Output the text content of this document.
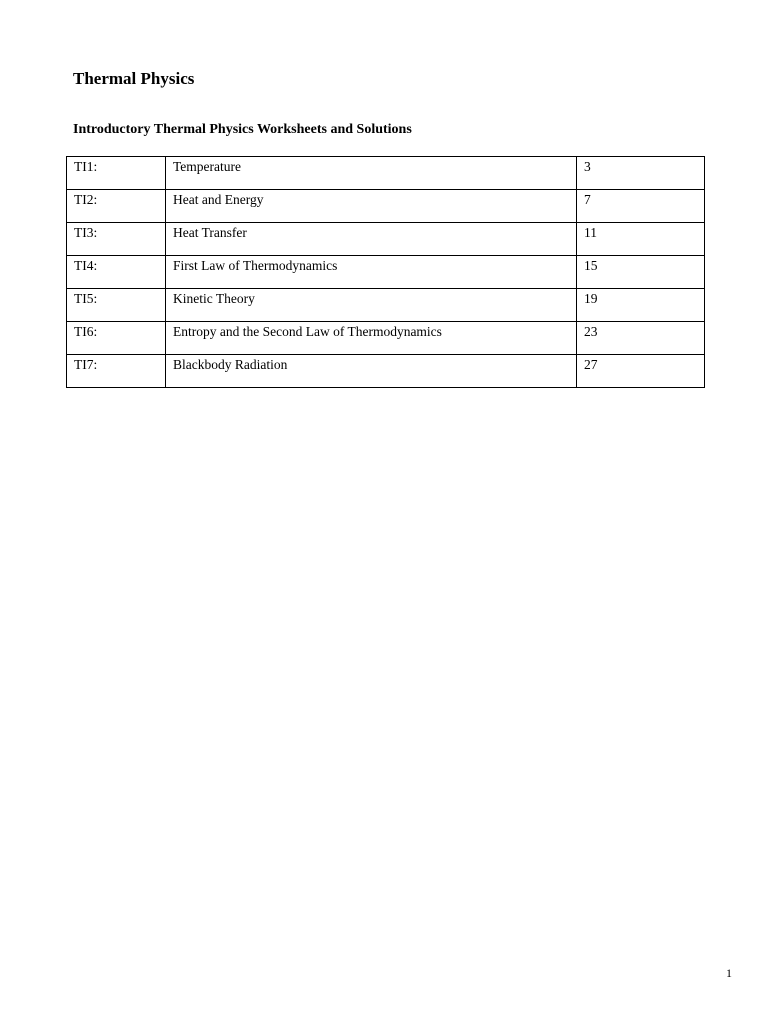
Thermal Physics
Introductory Thermal Physics Worksheets and Solutions
TI1:	Temperature	3
TI2:	Heat and Energy	7
TI3:	Heat Transfer	11
TI4:	First Law of Thermodynamics	15
TI5:	Kinetic Theory	19
TI6:	Entropy and the Second Law of Thermodynamics	23
TI7:	Blackbody Radiation	27
1
